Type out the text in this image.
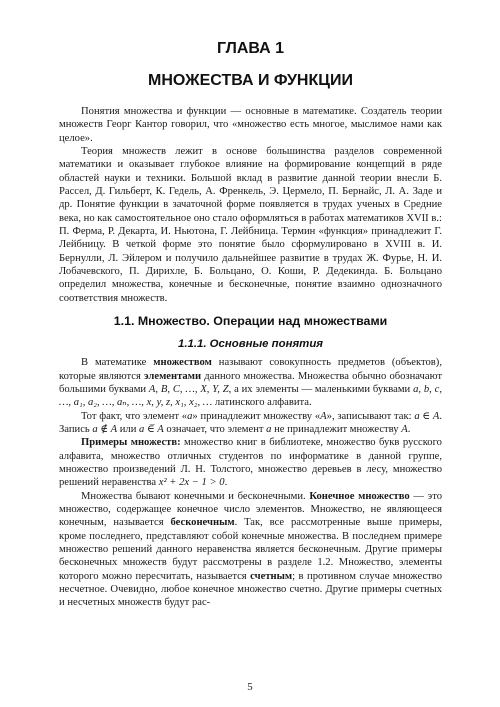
ГЛАВА 1
МНОЖЕСТВА И ФУНКЦИИ

Понятия множества и функции — основные в математике. Создатель теории множеств Георг Кантор говорил, что «множество есть многое, мыслимое нами как целое».

Теория множеств лежит в основе большинства разделов современной математики и оказывает глубокое влияние на формирование концепций в ряде областей науки и техники. Большой вклад в развитие данной теории внесли Б. Рассел, Д. Гильберт, К. Гедель, А. Френкель, Э. Цермело, П. Бернайс, Л. А. Заде и др. Понятие функции в зачаточной форме появляется в трудах ученых в Средние века, но как самостоятельное оно стало оформляться в работах математиков XVII в.: П. Ферма, Р. Декарта, И. Ньютона, Г. Лейбница. Термин «функция» принадлежит Г. Лейбницу. В четкой форме это понятие было сформулировано в XVIII в. И. Бернулли, Л. Эйлером и получило дальнейшее развитие в трудах Ж. Фурье, Н. И. Лобачевского, П. Дирихле, Б. Больцано, О. Коши, Р. Дедекинда. Б. Больцано определил множества, конечные и бесконечные, понятие взаимно однозначного соответствия множеств.

1.1. Множество. Операции над множествами
1.1.1. Основные понятия

В математике множеством называют совокупность предметов (объектов), которые являются элементами данного множества. Множества обычно обозначают большими буквами A, B, C, …, X, Y, Z, а их элементы — маленькими буквами a, b, c, …, a₁, a₂, …, aₙ, …, x, y, z, x₁, x₂, … латинского алфавита.

Тот факт, что элемент «a» принадлежит множеству «A», записывают так: a ∈ A. Запись a ∉ A или a ∈̅ A означает, что элемент a не принадлежит множеству A.

Примеры множеств: множество книг в библиотеке, множество букв русского алфавита, множество отличных студентов по информатике в данной группе, множество произведений Л. Н. Толстого, множество деревьев в лесу, множество решений неравенства x² + 2x − 1 > 0.

Множества бывают конечными и бесконечными. Конечное множество — это множество, содержащее конечное число элементов. Множество, не являющееся конечным, называется бесконечным. Так, все рассмотренные выше примеры, кроме последнего, представляют собой конечные множества. В последнем примере множество решений данного неравенства является бесконечным. Другие примеры бесконечных множеств будут рассмотрены в разделе 1.2. Множество, элементы которого можно пересчитать, называется счетным; в противном случае множество несчетное. Очевидно, любое конечное множество счетно. Другие примеры счетных и несчетных множеств будут рас-

5
